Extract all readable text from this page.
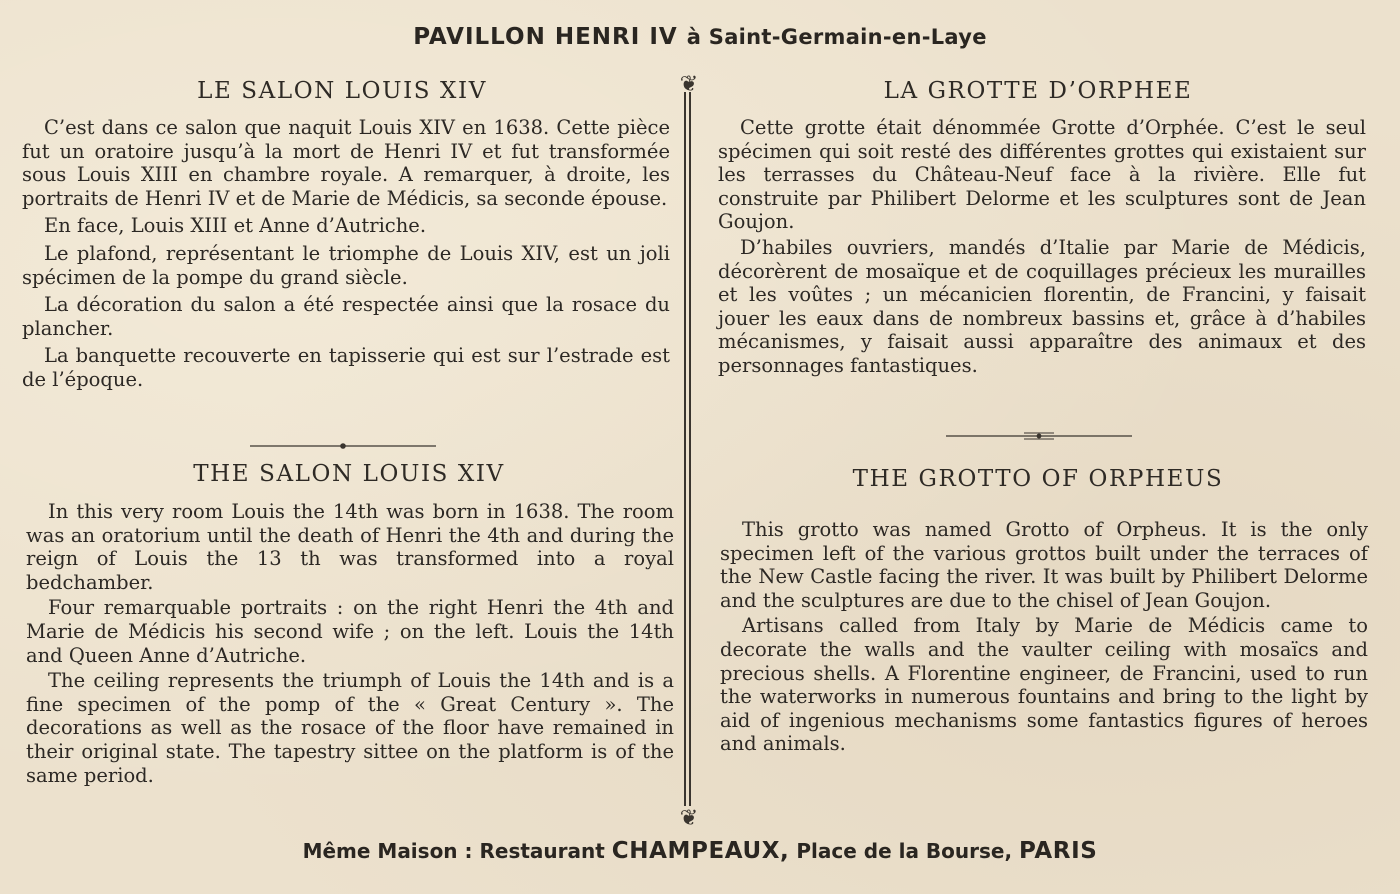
PAVILLON HENRI IV à Saint-Germain-en-Laye
LE SALON LOUIS XIV

C’est dans ce salon que naquit Louis XIV en 1638. Cette pièce fut un oratoire jusqu’à la mort de Henri IV et fut transformée sous Louis XIII en chambre royale. A remarquer, à droite, les portraits de Henri IV et de Marie de Médicis, sa seconde épouse.

En face, Louis XIII et Anne d’Autriche.

Le plafond, représentant le triomphe de Louis XIV, est un joli spécimen de la pompe du grand siècle.

La décoration du salon a été respectée ainsi que la rosace du plancher.

La banquette recouverte en tapisserie qui est sur l’estrade est de l’époque.

THE SALON LOUIS XIV

In this very room Louis the 14th was born in 1638. The room was an oratorium until the death of Henri the 4th and during the reign of Louis the 13 th was transformed into a royal bedchamber.

Four remarquable portraits : on the right Henri the 4th and Marie de Médicis his second wife ; on the left. Louis the 14th and Queen Anne d’Autriche.

The ceiling represents the triumph of Louis the 14th and is a fine specimen of the pomp of the « Great Century ». The decorations as well as the rosace of the floor have remained in their original state. The tapestry sittee on the platform is of the same period.

❦
❦
LA GROTTE D’ORPHEE

Cette grotte était dénommée Grotte d’Orphée. C’est le seul spécimen qui soit resté des différentes grottes qui existaient sur les terrasses du Château-Neuf face à la rivière. Elle fut construite par Philibert Delorme et les sculptures sont de Jean Goujon.

D’habiles ouvriers, mandés d’Italie par Marie de Médicis, décorèrent de mosaïque et de coquillages précieux les murailles et les voûtes ; un mécanicien florentin, de Francini, y faisait jouer les eaux dans de nombreux bassins et, grâce à d’habiles mécanismes, y faisait aussi apparaître des animaux et des personnages fantastiques.

THE GROTTO OF ORPHEUS

This grotto was named Grotto of Orpheus. It is the only specimen left of the various grottos built under the terraces of the New Castle facing the river. It was built by Philibert Delorme and the sculptures are due to the chisel of Jean Goujon.

Artisans called from Italy by Marie de Médicis came to decorate the walls and the vaulter ceiling with mosaïcs and precious shells. A Florentine engineer, de Francini, used to run the waterworks in numerous fountains and bring to the light by aid of ingenious mechanisms some fantastics figures of heroes and animals.

Même Maison : Restaurant CHAMPEAUX, Place de la Bourse, PARIS
